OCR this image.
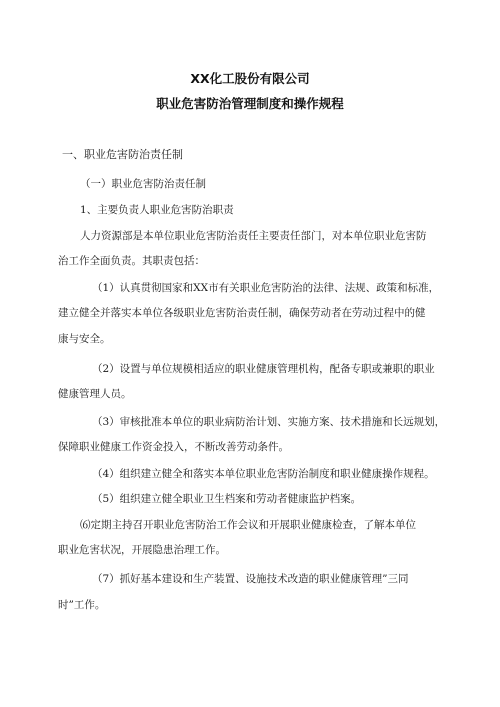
XX化工股份有限公司
职业危害防治管理制度和操作规程
一、职业危害防治责任制
（一）职业危害防治责任制
1、主要负责人职业危害防治职责
人力资源部是本单位职业危害防治责任主要责任部门，对本单位职业危害防
治工作全面负责。其职责包括：
（1）认真贯彻国家和XX市有关职业危害防治的法律、法规、政策和标准，
建立健全并落实本单位各级职业危害防治责任制，确保劳动者在劳动过程中的健
康与安全。
（2）设置与单位规模相适应的职业健康管理机构，配备专职或兼职的职业
健康管理人员。
（3）审核批准本单位的职业病防治计划、实施方案、技术措施和长远规划，
保障职业健康工作资金投入，不断改善劳动条件。
（4）组织建立健全和落实本单位职业危害防治制度和职业健康操作规程。
（5）组织建立健全职业卫生档案和劳动者健康监护档案。
⑹定期主持召开职业危害防治工作会议和开展职业健康检查，了解本单位
职业危害状况，开展隐患治理工作。
（7）抓好基本建设和生产装置、设施技术改造的职业健康管理”三同
时”工作。
